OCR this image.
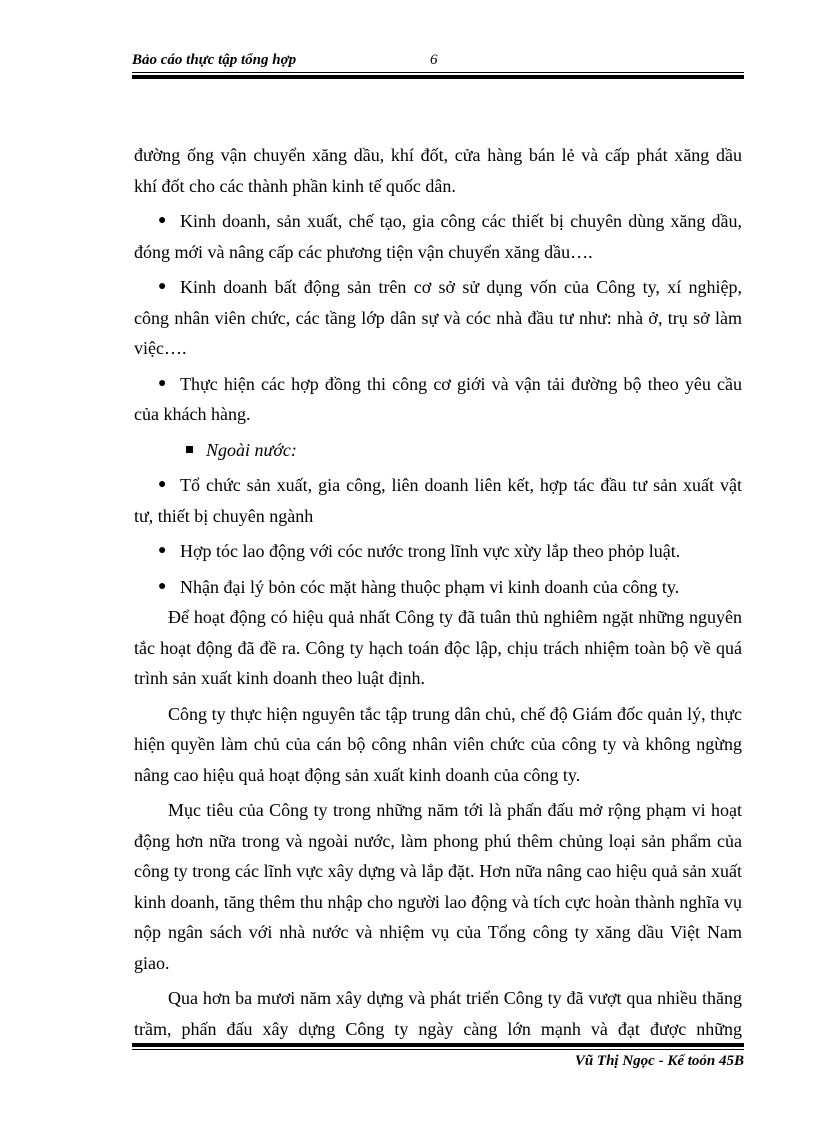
Bảo cáo thực tập tổng hợp	6

đường ống vận chuyển xăng dầu, khí đốt, cửa hàng bán lẻ và cấp phát xăng dầu

khí đốt cho các thành phần kinh tế quốc dân.

● Kinh doanh, sản xuất, chế tạo, gia công các thiết bị chuyên dùng xăng dầu,

đóng mới và nâng cấp các phương tiện vận chuyển xăng dầu….

● Kinh doanh bất động sản trên cơ sở sử dụng vốn của Công ty, xí nghiệp,

công nhân viên chức, các tầng lớp dân sự và cóc nhà đầu tư như: nhà ở, trụ sở làm việc….

● Thực hiện các hợp đồng thi công cơ giới và vận tải đường bộ theo yêu cầu

của khách hàng.

Ngoài nước:
● Tổ chức sản xuất, gia công, liên doanh liên kết, hợp tác đầu tư sản xuất vật

tư, thiết bị chuyên ngành

● Hợp tóc lao động với cóc nước trong lĩnh vực xừy lắp theo phỏp luật.
● Nhận đại lý bỏn cóc mặt hàng thuộc phạm vi kinh doanh của công ty.

Để hoạt động có hiệu quả nhất Công ty đã tuân thủ nghiêm ngặt những nguyên tắc hoạt động đã đề ra. Công ty hạch toán độc lập, chịu trách nhiệm toàn bộ về quá trình sản xuất kinh doanh theo luật định.

Công ty thực hiện nguyên tắc tập trung dân chủ, chế độ Giám đốc quản lý, thực hiện quyền làm chủ của cán bộ công nhân viên chức của công ty và không ngừng nâng cao hiệu quả hoạt động sản xuất kinh doanh của công ty.

Mục tiêu của Công ty trong những năm tới là phấn đấu mở rộng phạm vi hoạt động hơn nữa trong và ngoài nước, làm phong phú thêm chủng loại sản phẩm của công ty trong các lĩnh vực xây dựng và lắp đặt. Hơn nữa nâng cao hiệu quả sản xuất kinh doanh, tăng thêm thu nhập cho người lao động và tích cực hoàn thành nghĩa vụ nộp ngân sách với nhà nước và nhiệm vụ của Tổng công ty xăng dầu Việt Nam giao.

Qua hơn ba mươi năm xây dựng và phát triển Công ty đã vượt qua nhiều thăng trầm, phấn đấu xây dựng Công ty ngày càng lớn mạnh và đạt được những

Vũ Thị Ngọc - Kế toỏn 45B
